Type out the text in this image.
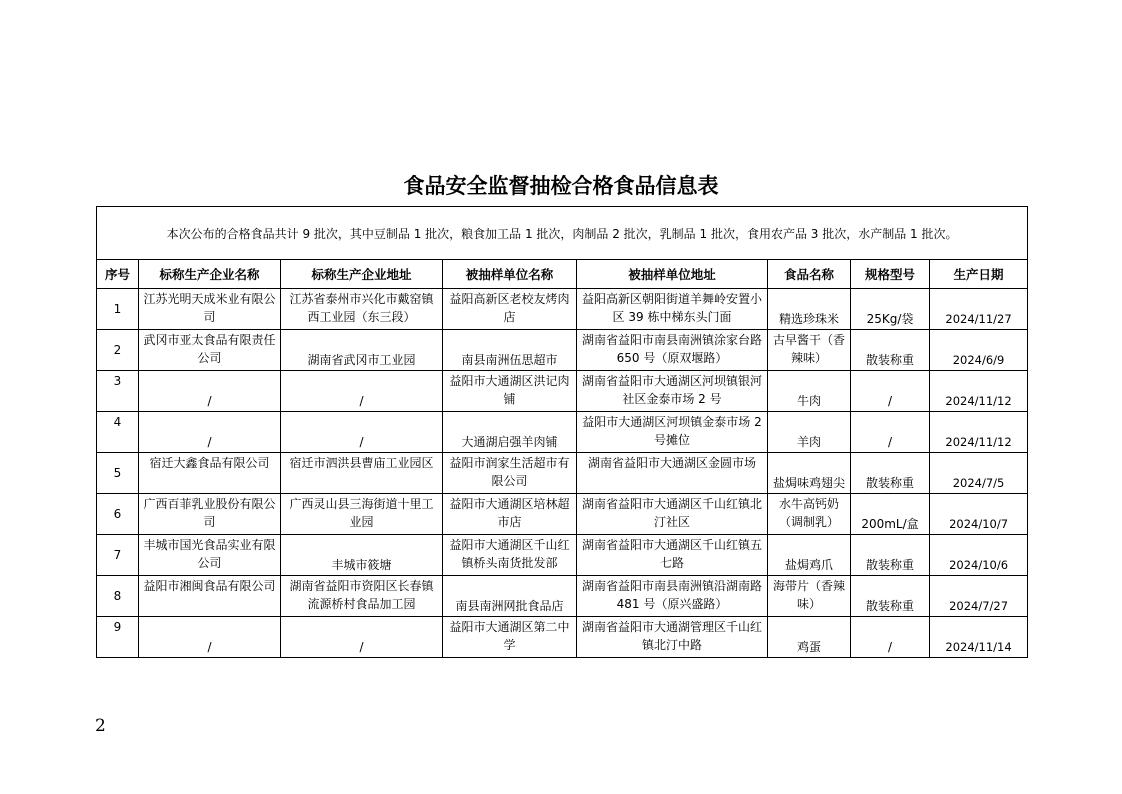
食品安全监督抽检合格食品信息表
本次公布的合格食品共计 9 批次，其中豆制品 1 批次，粮食加工品 1 批次，肉制品 2 批次，乳制品 1 批次，食用农产品 3 批次，水产制品 1 批次。							
序号	标称生产企业名称	标称生产企业地址	被抽样单位名称	被抽样单位地址	食品名称	规格型号	生产日期

1	江苏光明天成米业有限公司	江苏省泰州市兴化市戴窑镇西工业园（东三段）	益阳高新区老校友烤肉店	益阳高新区朝阳街道羊舞岭安置小区 39 栋中梯东头门面	精选珍珠米	25Kg/袋	2024/11/27

2	武冈市亚太食品有限责任公司	湖南省武冈市工业园	南县南洲伍思超市	湖南省益阳市南县南洲镇涂家台路 650 号（原双堰路）	古早酱干（香辣味）	散装称重	2024/6/9

3	/	/	益阳市大通湖区洪记肉铺	湖南省益阳市大通湖区河坝镇银河社区金泰市场 2 号	牛肉	/	2024/11/12

4	/	/	大通湖启强羊肉铺	益阳市大通湖区河坝镇金泰市场 2 号摊位	羊肉	/	2024/11/12

5	宿迁大鑫食品有限公司	宿迁市泗洪县曹庙工业园区	益阳市润家生活超市有限公司	湖南省益阳市大通湖区金圆市场	盐焗味鸡翅尖	散装称重	2024/7/5

6	广西百菲乳业股份有限公司	广西灵山县三海街道十里工业园	益阳市大通湖区培林超市店	湖南省益阳市大通湖区千山红镇北汀社区	水牛高钙奶（调制乳）	200mL/盒	2024/10/7

7	丰城市国光食品实业有限公司	丰城市筱塘	益阳市大通湖区千山红镇桥头南货批发部	湖南省益阳市大通湖区千山红镇五七路	盐焗鸡爪	散装称重	2024/10/6

8	益阳市湘闽食品有限公司	湖南省益阳市资阳区长春镇流源桥村食品加工园	南县南洲网批食品店	湖南省益阳市南县南洲镇沿湖南路 481 号（原兴盛路）	海带片（香辣味）	散装称重	2024/7/27

9	/	/	益阳市大通湖区第二中学	湖南省益阳市大通湖管理区千山红镇北汀中路	鸡蛋	/	2024/11/14
2
